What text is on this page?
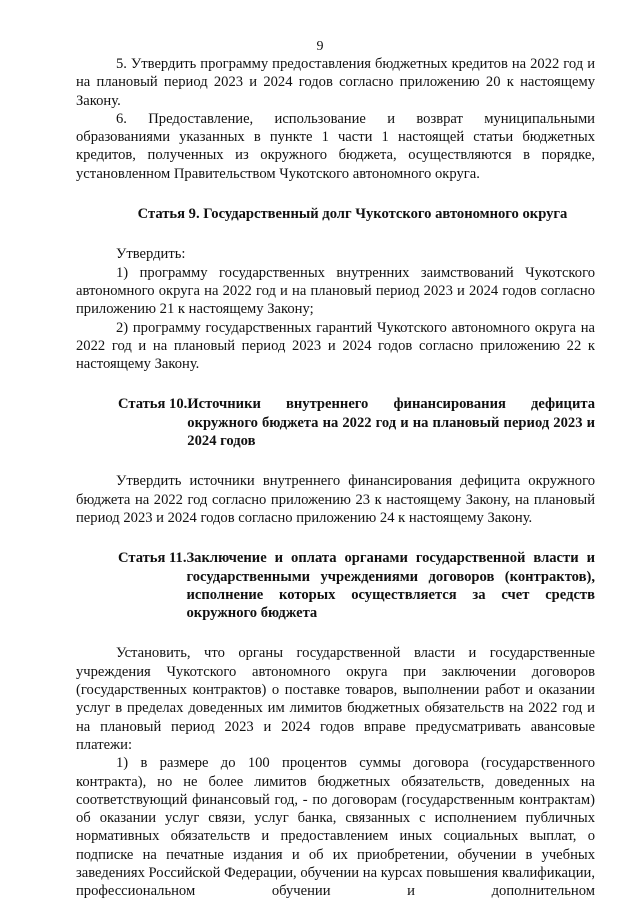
9

5. Утвердить программу предоставления бюджетных кредитов на 2022 год и на плановый период 2023 и 2024 годов согласно приложению 20 к настоящему Закону.

6. Предоставление, использование и возврат муниципальными образованиями указанных в пункте 1 части 1 настоящей статьи бюджетных кредитов, полученных из окружного бюджета, осуществляются в порядке, установленном Правительством Чукотского автономного округа.

Статья 9. Государственный долг Чукотского автономного округа

Утвердить:

1) программу государственных внутренних заимствований Чукотского автономного округа на 2022 год и на плановый период 2023 и 2024 годов согласно приложению 21 к настоящему Закону;

2) программу государственных гарантий Чукотского автономного округа на 2022 год и на плановый период 2023 и 2024 годов согласно приложению 22 к настоящему Закону.

Статья 10. Источники внутреннего финансирования дефицита окружного бюджета на 2022 год и на плановый период 2023 и 2024 годов

Утвердить источники внутреннего финансирования дефицита окружного бюджета на 2022 год согласно приложению 23 к настоящему Закону, на плановый период 2023 и 2024 годов согласно приложению 24 к настоящему Закону.

Статья 11. Заключение и оплата органами государственной власти и государственными учреждениями договоров (контрактов), исполнение которых осуществляется за счет средств окружного бюджета

Установить, что органы государственной власти и государственные учреждения Чукотского автономного округа при заключении договоров (государственных контрактов) о поставке товаров, выполнении работ и оказании услуг в пределах доведенных им лимитов бюджетных обязательств на 2022 год и на плановый период 2023 и 2024 годов вправе предусматривать авансовые платежи:

1) в размере до 100 процентов суммы договора (государственного контракта), но не более лимитов бюджетных обязательств, доведенных на соответствующий финансовый год, - по договорам (государственным контрактам) об оказании услуг связи, услуг банка, связанных с исполнением публичных нормативных обязательств и предоставлением иных социальных выплат, о подписке на печатные издания и об их приобретении, обучении в учебных заведениях Российской Федерации, обучении на курсах повышения квалификации, профессиональном обучении и дополнительном
